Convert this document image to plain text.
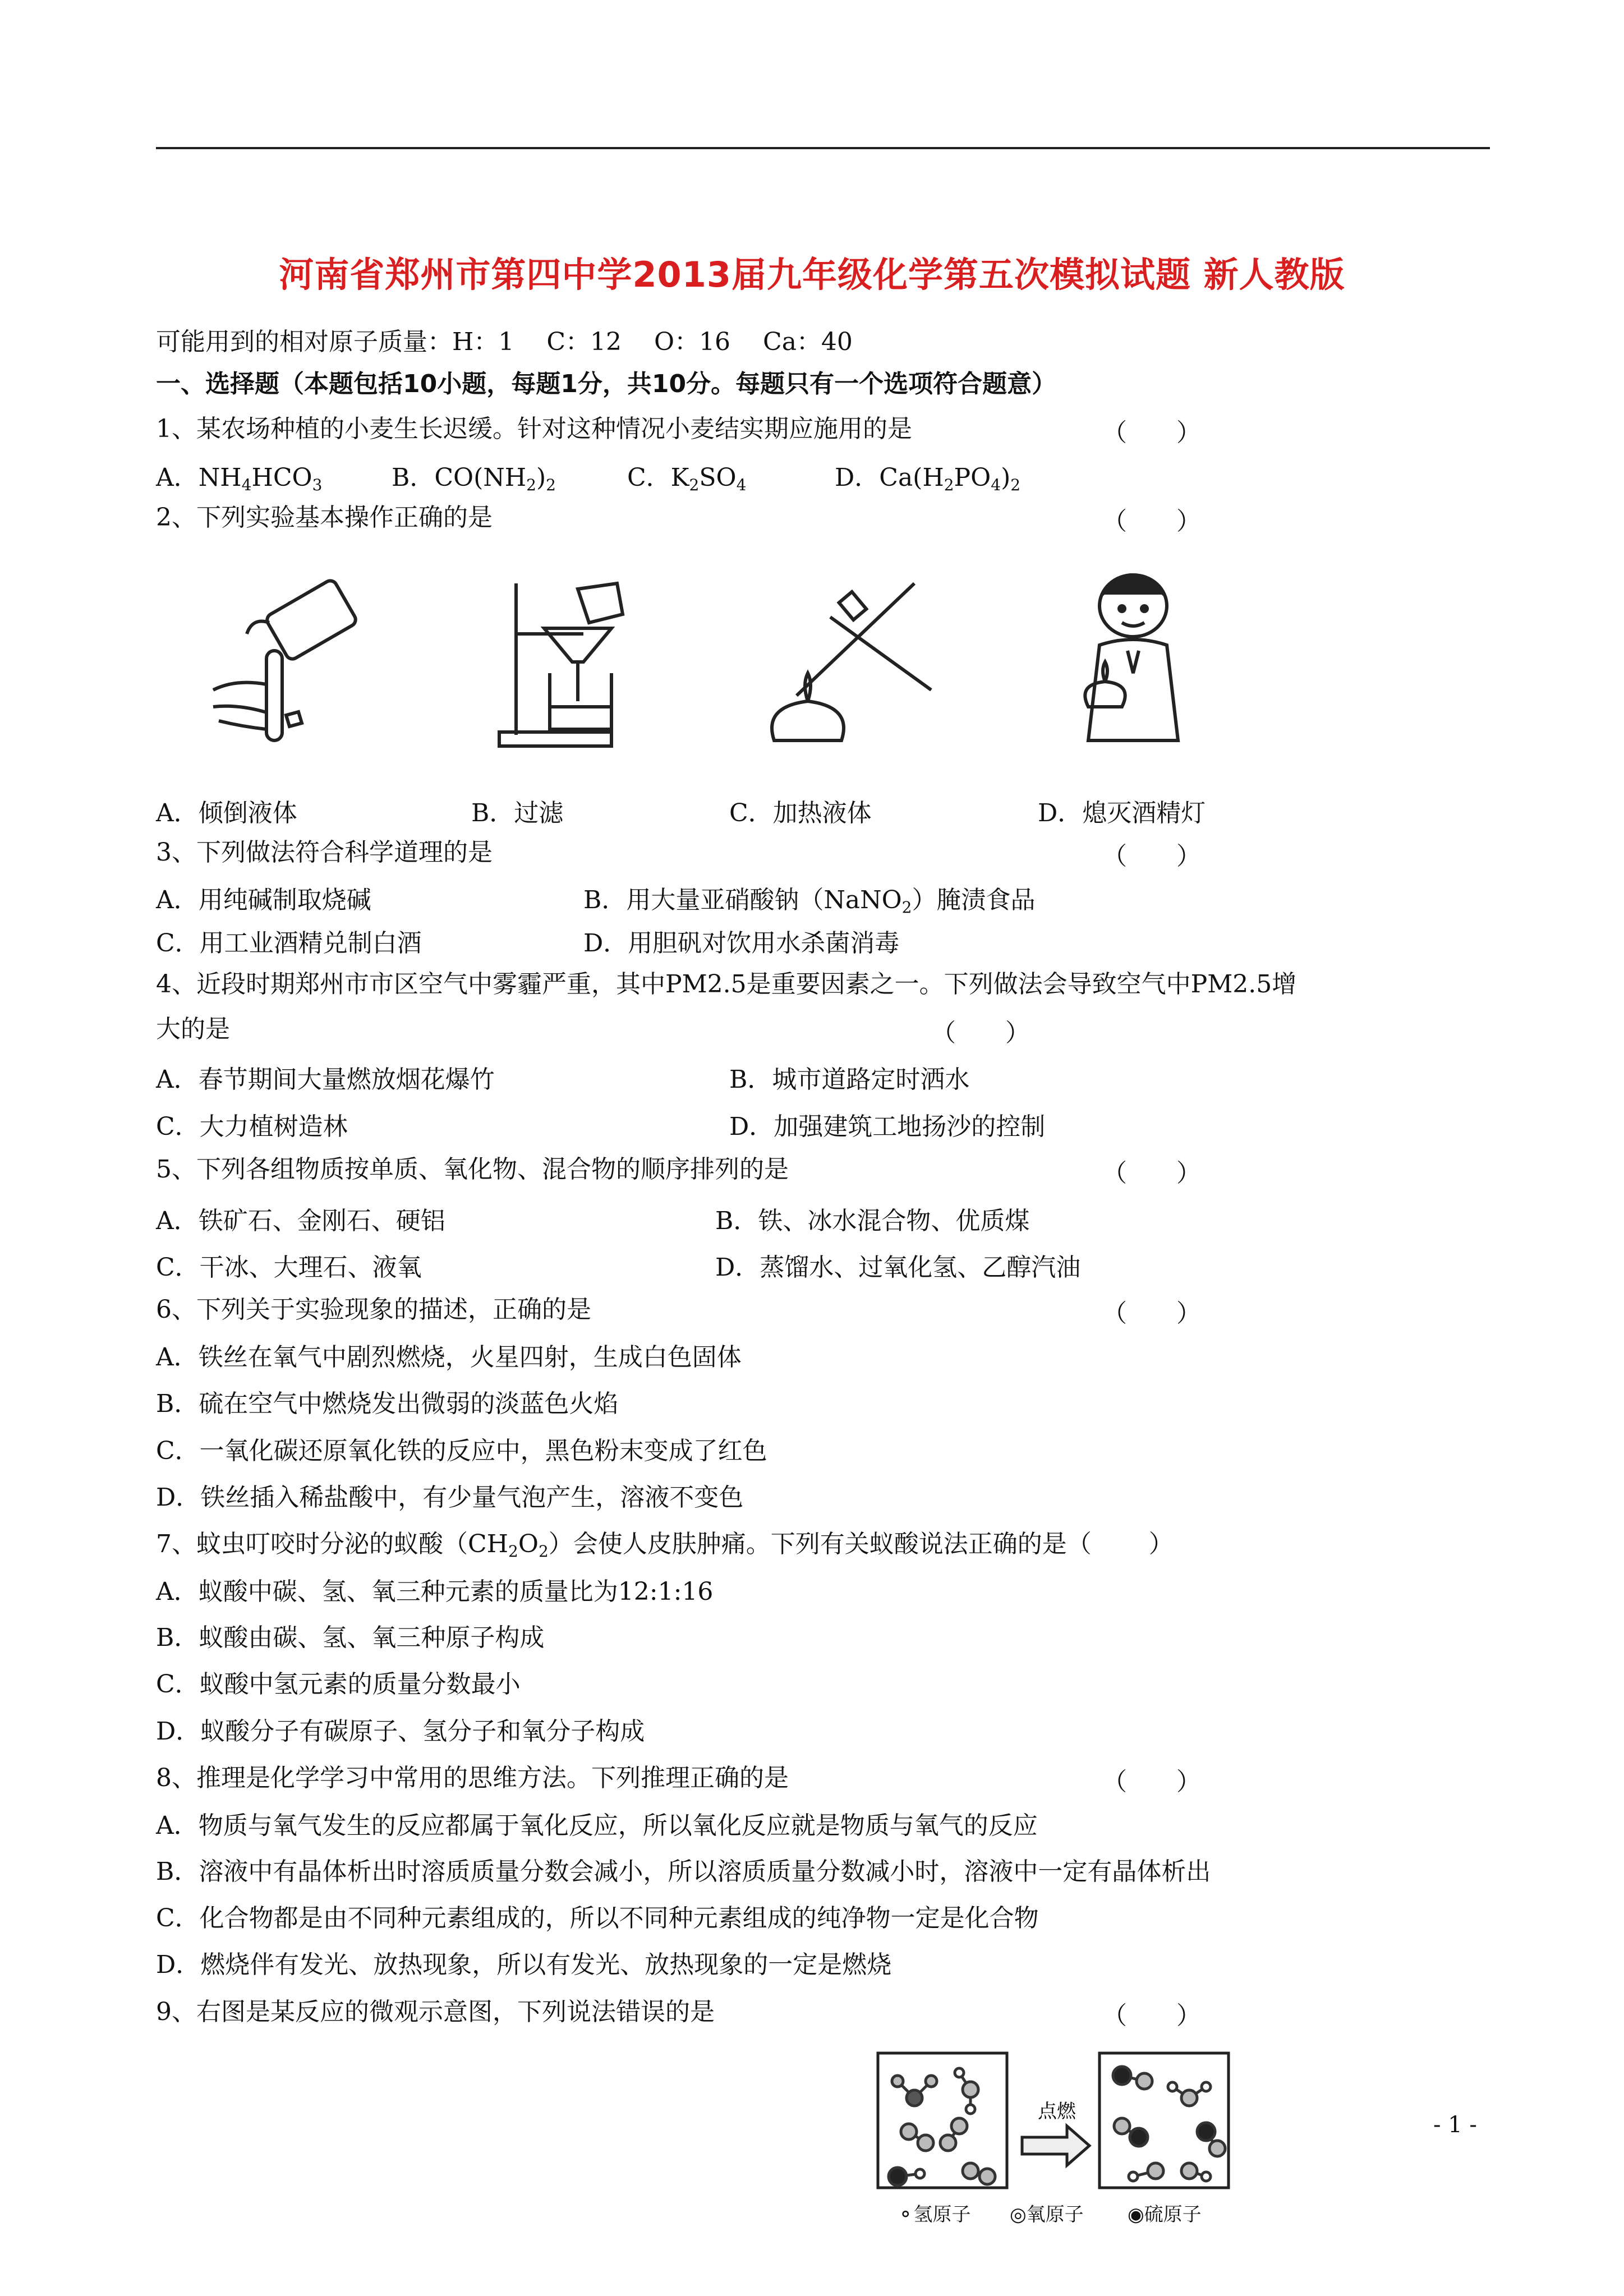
河南省郑州市第四中学2013届九年级化学第五次模拟试题 新人教版
可能用到的相对原子质量：H：1　 C：12　 O：16　 Ca：40
一、选择题（本题包括10小题，每题1分，共10分。每题只有一个选项符合题意）
1、某农场种植的小麦生长迟缓。针对这种情况小麦结实期应施用的是	（　　）
A．$NH_4HCO_3$	B．$CO(NH_2)_2$	C．$K_2SO_4$	D．$Ca(H_2PO_4)_2$
2、下列实验基本操作正确的是	（　　）
A．倾倒液体	B．过滤	C．加热液体	D．熄灭酒精灯
3、下列做法符合科学道理的是	（　　）
A．用纯碱制取烧碱	B．用大量亚硝酸钠（NaNO$_2$）腌渍食品
C．用工业酒精兑制白酒	D．用胆矾对饮用水杀菌消毒
4、近段时期郑州市市区空气中雾霾严重，其中PM2.5是重要因素之一。下列做法会导致空气中PM2.5增
大的是	（　　）
A．春节期间大量燃放烟花爆竹	B．城市道路定时洒水
C．大力植树造林	D．加强建筑工地扬沙的控制
5、下列各组物质按单质、氧化物、混合物的顺序排列的是	（　　）
A．铁矿石、金刚石、硬铝	B．铁、冰水混合物、优质煤
C．干冰、大理石、液氧	D．蒸馏水、过氧化氢、乙醇汽油
6、下列关于实验现象的描述，正确的是	（　　）
A．铁丝在氧气中剧烈燃烧，火星四射，生成白色固体
B．硫在空气中燃烧发出微弱的淡蓝色火焰
C．一氧化碳还原氧化铁的反应中，黑色粉末变成了红色
D．铁丝插入稀盐酸中，有少量气泡产生，溶液不变色
7、蚊虫叮咬时分泌的蚁酸$(CH_2O_2)$会使人皮肤肿痛。下列有关蚁酸说法正确的是（　　 ）
A．蚁酸中碳、氢、氧三种元素的质量比为12:1:16
B．蚁酸由碳、氢、氧三种原子构成
C．蚁酸中氢元素的质量分数最小
D．蚁酸分子有碳原子、氢分子和氧分子构成
8、推理是化学学习中常用的思维方法。下列推理正确的是	（　　）
A．物质与氧气发生的反应都属于氧化反应，所以氧化反应就是物质与氧气的反应
B．溶液中有晶体析出时溶质质量分数会减小，所以溶质质量分数减小时，溶液中一定有晶体析出
C．化合物都是由不同种元素组成的，所以不同种元素组成的纯净物一定是化合物
D．燃烧伴有发光、放热现象，所以有发光、放热现象的一定是燃烧
9、右图是某反应的微观示意图，下列说法错误的是	（　　）
点燃
⚬氢原子 ◎氧原子 ◉硫原子
- 1 -
